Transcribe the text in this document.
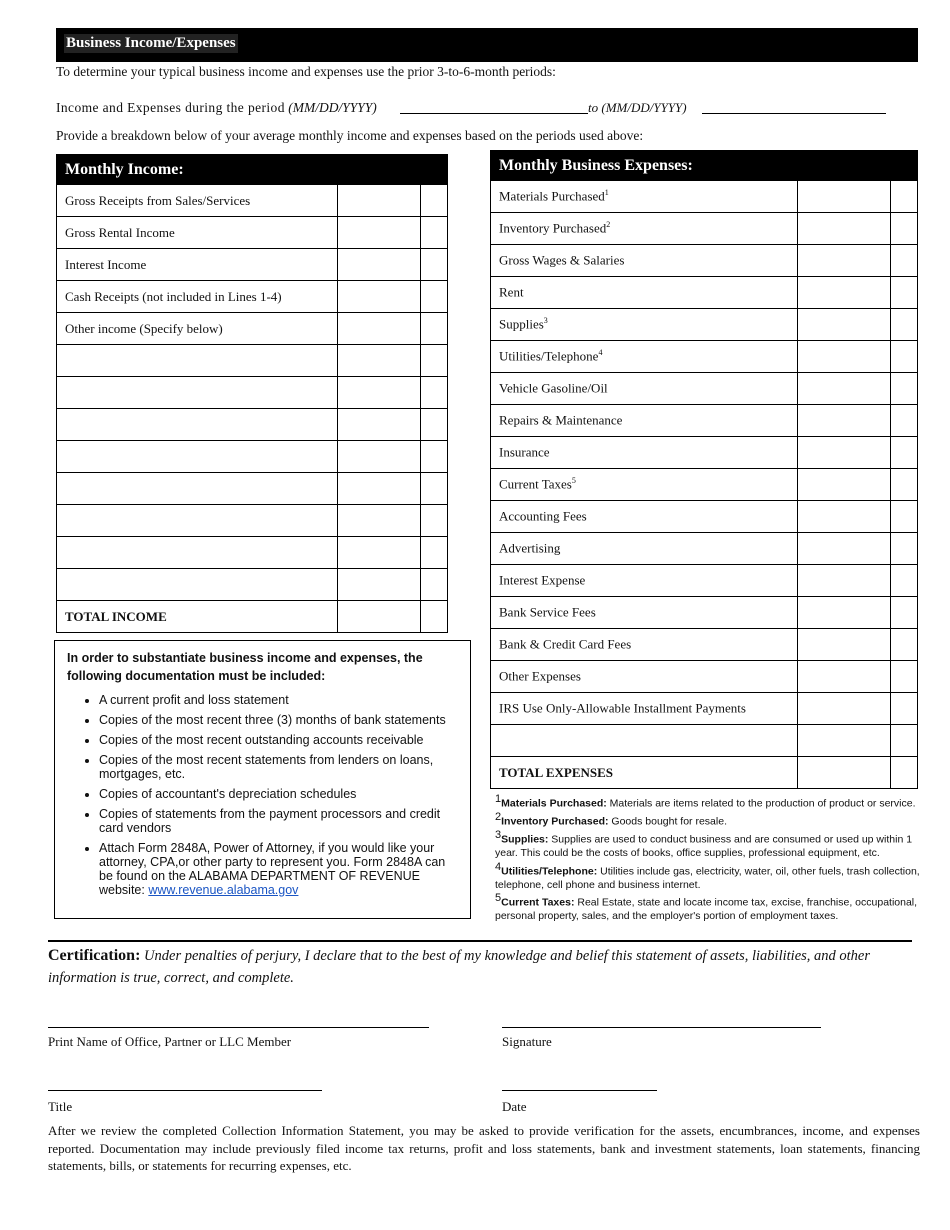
Business Income/Expenses
To determine your typical business income and expenses use the prior 3-to-6-month periods:
Income and Expenses during the period (MM/DD/YYYY)	to (MM/DD/YYYY)
Provide a breakdown below of your average monthly income and expenses based on the periods used above:
Monthly Income:		
Gross Receipts from Sales/Services		
Gross Rental Income		
Interest Income		
Cash Receipts (not included in Lines 1-4)		
Other income (Specify below)		

TOTAL INCOME		
Monthly Business Expenses:		
Materials Purchased$^1$		
Inventory Purchased$^2$		
Gross Wages & Salaries		
Rent		
Supplies$^3$		
Utilities/Telephone$^4$		
Vehicle Gasoline/Oil		
Repairs & Maintenance		
Insurance		
Current Taxes$^5$		
Accounting Fees		
Advertising		
Interest Expense		
Bank Service Fees		
Bank & Credit Card Fees		
Other Expenses		
IRS Use Only-Allowable Installment Payments		

TOTAL EXPENSES		
In order to substantiate business income and expenses, the following documentation must be included:
• A current profit and loss statement
• Copies of the most recent three (3) months of bank statements
• Copies of the most recent outstanding accounts receivable
• Copies of the most recent statements from lenders on loans, mortgages, etc.
• Copies of accountant's depreciation schedules
• Copies of statements from the payment processors and credit card vendors
• Attach Form 2848A, Power of Attorney, if you would like your attorney, CPA,or other party to represent you. Form 2848A can be found on the ALABAMA DEPARTMENT OF REVENUE website: www.revenue.alabama.gov

$^1$Materials Purchased: Materials are items related to the production of product or service.

$^2$Inventory Purchased: Goods bought for resale.

$^3$Supplies: Supplies are used to conduct business and are consumed or used up within 1 year. This could be the costs of books, office supplies, professional equipment, etc.

$^4$Utilities/Telephone: Utilities include gas, electricity, water, oil, other fuels, trash collection, telephone, cell phone and business internet.

$^5$Current Taxes: Real Estate, state and locate income tax, excise, franchise, occupational, personal property, sales, and the employer's portion of employment taxes.

Certification: Under penalties of perjury, I declare that to the best of my knowledge and belief this statement of assets, liabilities, and other information is true, correct, and complete.
Print Name of Office, Partner or LLC Member	Signature
Title	Date
After we review the completed Collection Information Statement, you may be asked to provide verification for the assets, encumbrances, income, and expenses reported. Documentation may include previously filed income tax returns, profit and loss statements, bank and investment statements, loan statements, financing statements, bills, or statements for recurring expenses, etc.
